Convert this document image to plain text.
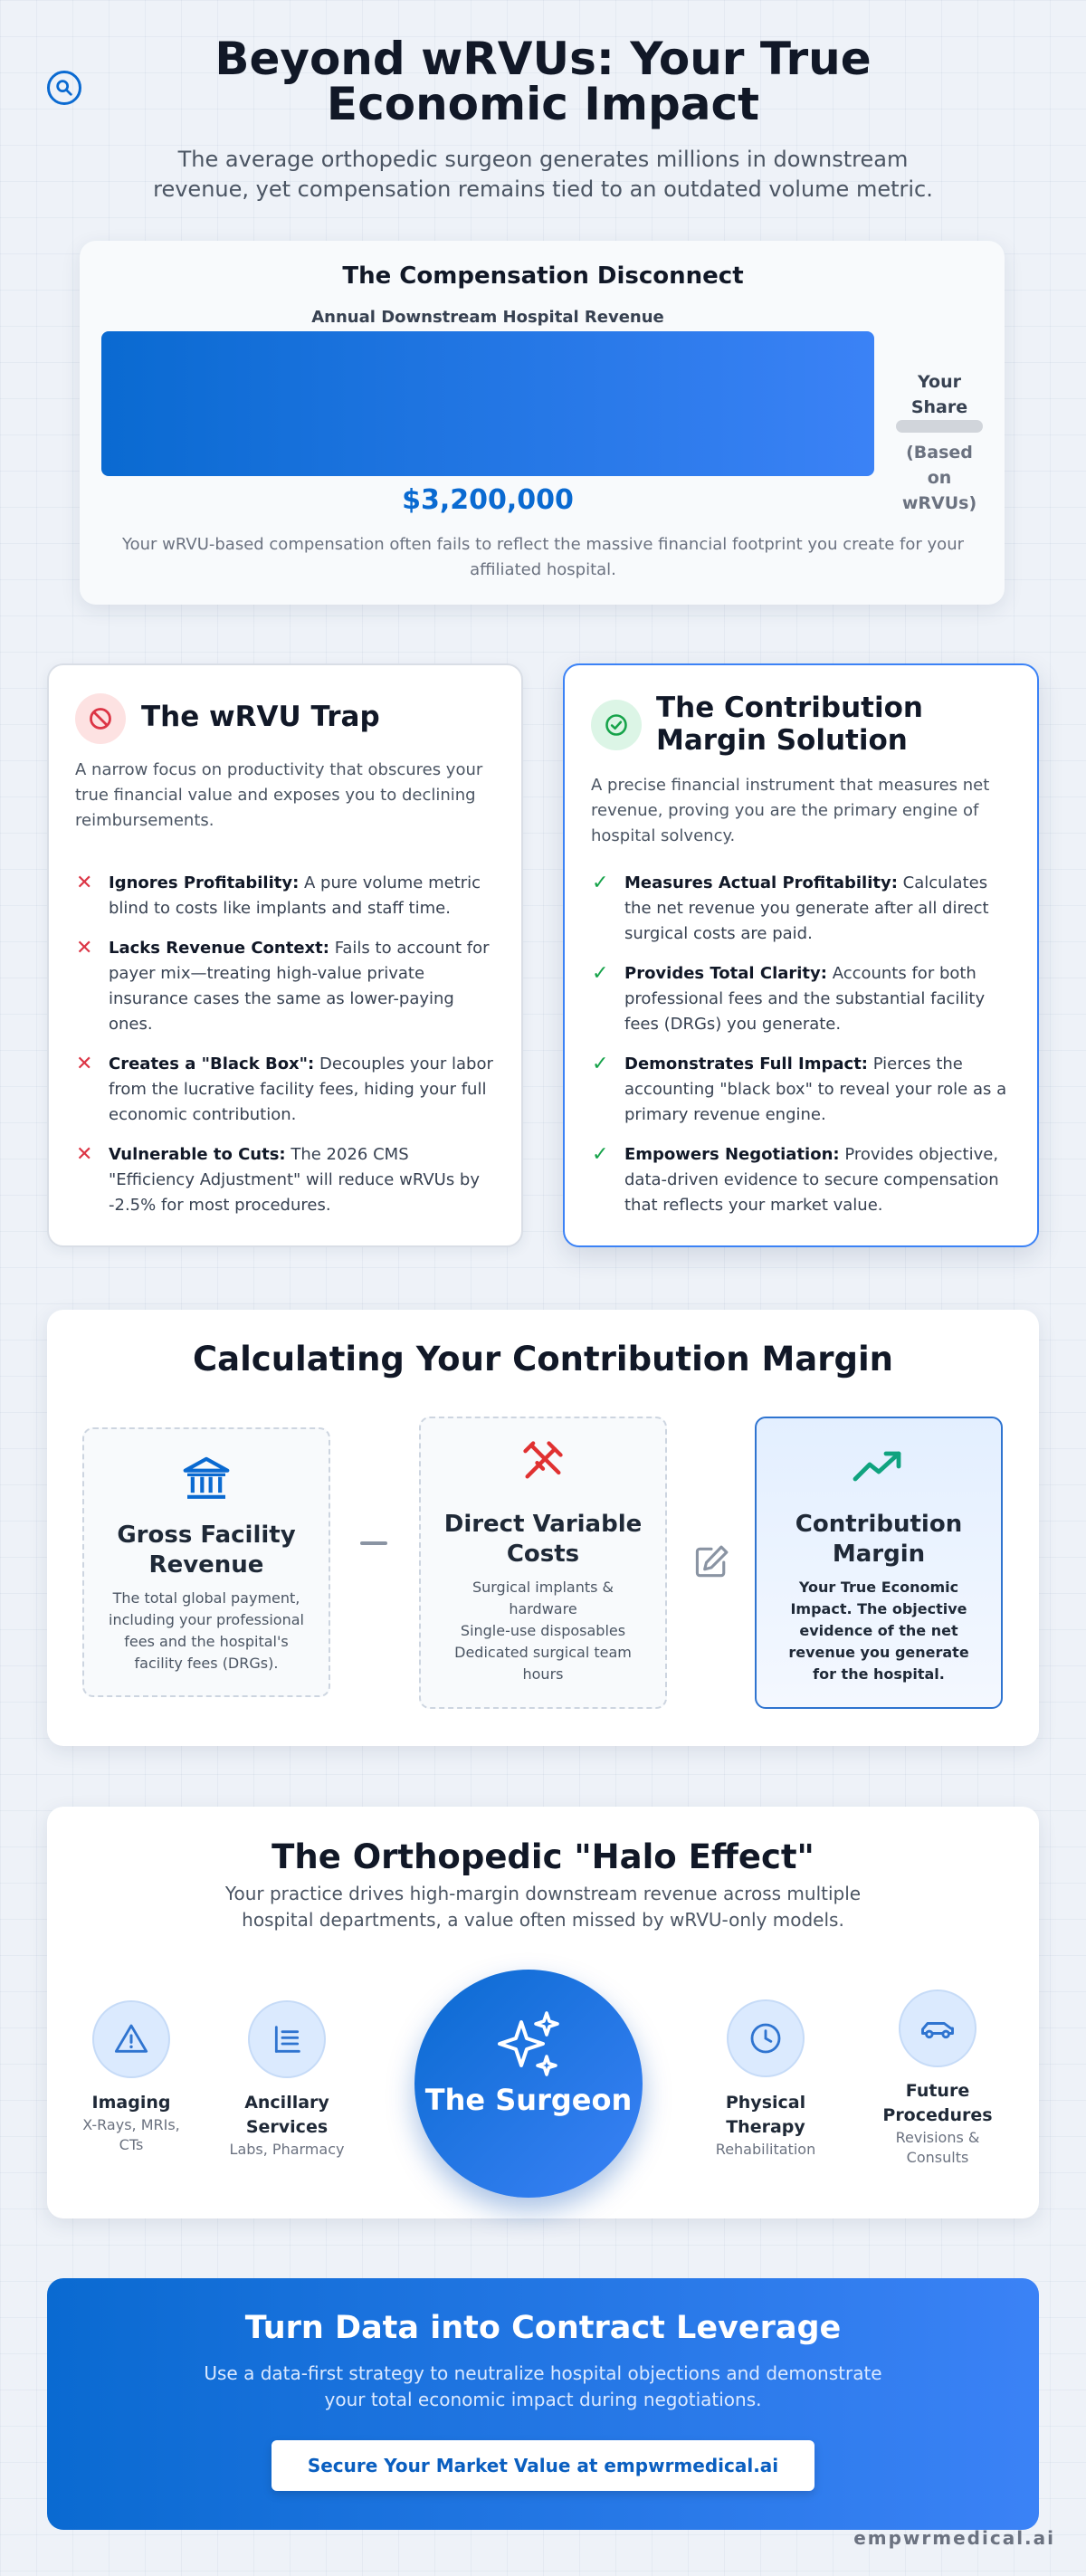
Beyond wRVUs: Your True Economic Impact
The average orthopedic surgeon generates millions in downstream revenue, yet compensation remains tied to an outdated volume metric.
The Compensation Disconnect
Annual Downstream Hospital Revenue
$3,200,000
Your Share
(Based on wRVUs)
Your wRVU-based compensation often fails to reflect the massive financial footprint you create for your affiliated hospital.
The wRVU Trap
A narrow focus on productivity that obscures your true financial value and exposes you to declining reimbursements.
✕ Ignores Profitability: A pure volume metric blind to costs like implants and staff time.
✕ Lacks Revenue Context: Fails to account for payer mix—treating high-value private insurance cases the same as lower-paying ones.
✕ Creates a "Black Box": Decouples your labor from the lucrative facility fees, hiding your full economic contribution.
✕ Vulnerable to Cuts: The 2026 CMS "Efficiency Adjustment" will reduce wRVUs by -2.5% for most procedures.
The Contribution Margin Solution
A precise financial instrument that measures net revenue, proving you are the primary engine of hospital solvency.
✓ Measures Actual Profitability: Calculates the net revenue you generate after all direct surgical costs are paid.
✓ Provides Total Clarity: Accounts for both professional fees and the substantial facility fees (DRGs) you generate.
✓ Demonstrates Full Impact: Pierces the accounting "black box" to reveal your role as a primary revenue engine.
✓ Empowers Negotiation: Provides objective, data-driven evidence to secure compensation that reflects your market value.
Calculating Your Contribution Margin
Gross Facility Revenue
The total global payment, including your professional fees and the hospital's facility fees (DRGs).
Direct Variable Costs
Surgical implants &
hardware
Single-use disposables
Dedicated surgical team
hours
Contribution Margin
Your True Economic Impact. The objective evidence of the net revenue you generate for the hospital.
The Orthopedic "Halo Effect"
Your practice drives high-margin downstream revenue across multiple hospital departments, a value often missed by wRVU-only models.
Imaging
X-Rays, MRIs, CTs
Ancillary Services
Labs, Pharmacy
The Surgeon	Physical Therapy
Rehabilitation
Future Procedures
Revisions & Consults
Turn Data into Contract Leverage
Use a data-first strategy to neutralize hospital objections and demonstrate your total economic impact during negotiations.
Secure Your Market Value at empwrmedical.ai
empwrmedical.ai
